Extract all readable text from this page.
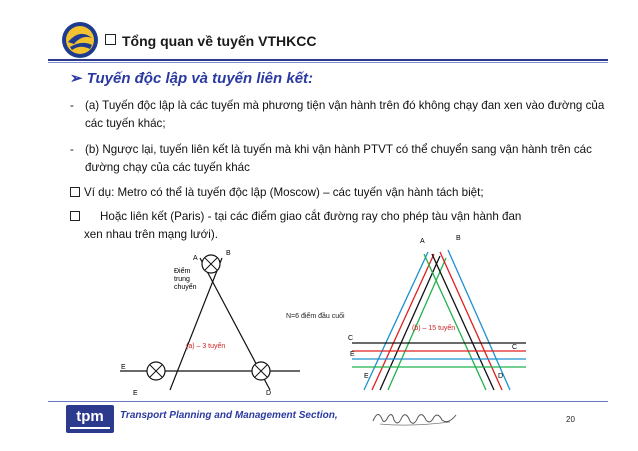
Tổng quan về tuyến VTHKCC
➢ Tuyến độc lập và tuyến liên kết:
- (a) Tuyến độc lập là các tuyến mà phương tiện vận hành trên đó không chạy đan xen vào đường của các tuyến khác;
- (b) Ngược lại, tuyến liên kết là tuyến mà khi vận hành PTVT có thể chuyển sang vận hành trên các đường chạy của các tuyến khác
Ví dụ: Metro có thể là tuyến độc lập (Moscow) – các tuyến vận hành tách biệt;
Hoặc liên kết (Paris) - tại các điểm giao cắt đường ray cho phép tàu vận hành đan
xen nhau trên mạng lưới).
A
B
E
E	D
Điểm
trung
chuyển
(a) – 3 tuyến
N=6 điểm đầu cuối
A	B
C
E
C
E	D
(b) – 15 tuyến
tpm	Transport Planning and Management Section,	20
